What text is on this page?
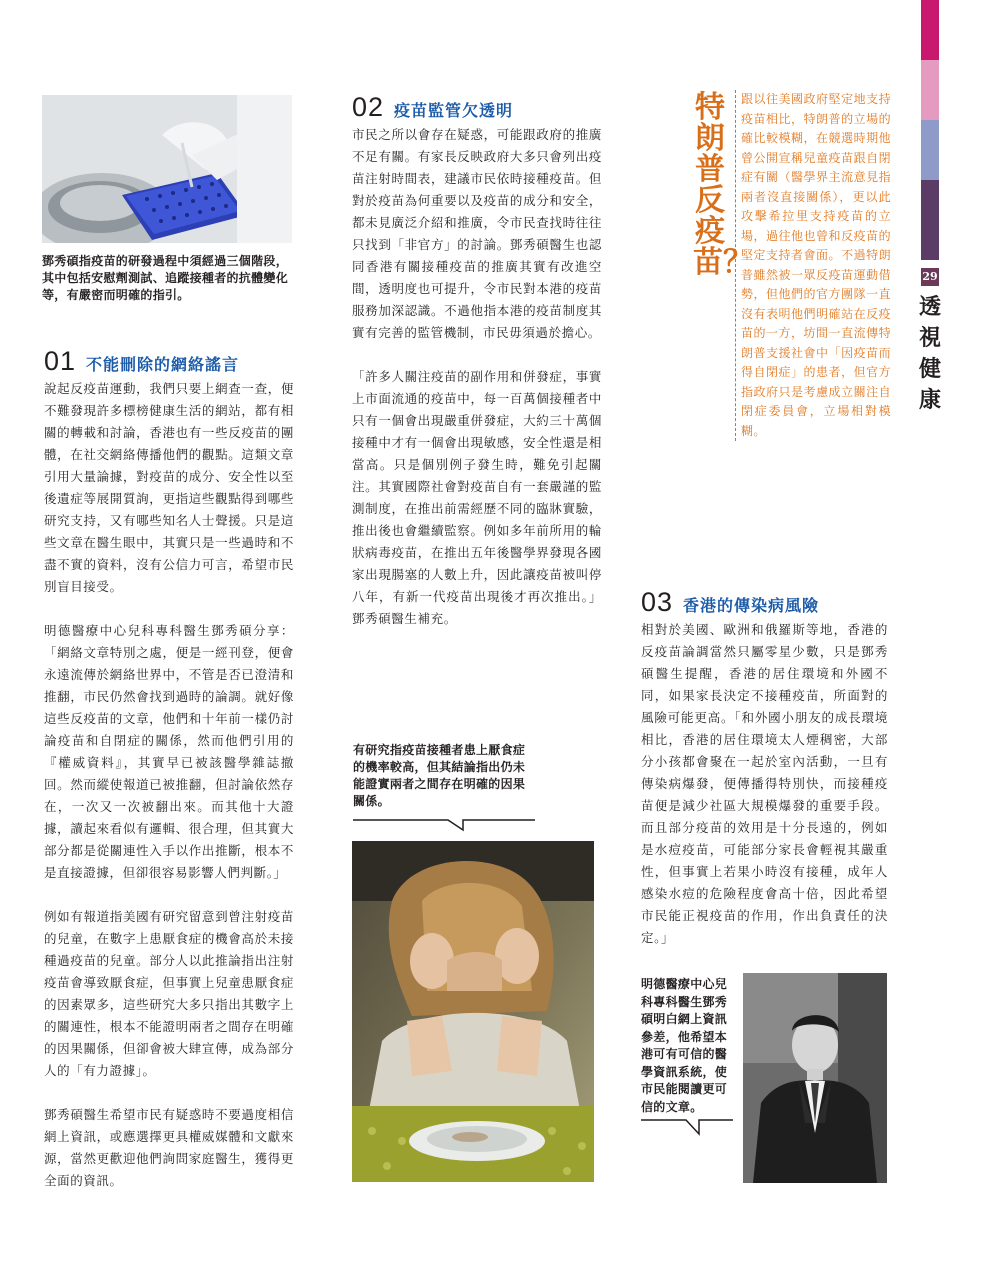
29
透視健康
鄧秀碩指疫苗的研發過程中須經過三個階段，其中包括安慰劑測試、追蹤接種者的抗體變化等，有嚴密而明確的指引。
01 不能刪除的網絡謠言

說起反疫苗運動，我們只要上網查一查，便不難發現許多標榜健康生活的網站，都有相關的轉載和討論，香港也有一些反疫苗的團體，在社交網絡傳播他們的觀點。這類文章引用大量論據，對疫苗的成分、安全性以至後遺症等展開質詢，更指這些觀點得到哪些研究支持，又有哪些知名人士聲援。只是這些文章在醫生眼中，其實只是一些過時和不盡不實的資料，沒有公信力可言，希望市民別盲目接受。

明德醫療中心兒科專科醫生鄧秀碩分享：「網絡文章特別之處，便是一經刊登，便會永遠流傳於網絡世界中，不管是否已澄清和推翻，市民仍然會找到過時的論調。就好像這些反疫苗的文章，他們和十年前一樣仍討論疫苗和自閉症的關係，然而他們引用的『權威資料』，其實早已被該醫學雜誌撤回。然而縱使報道已被推翻，但討論依然存在，一次又一次被翻出來。而其他十大證據，讀起來看似有邏輯、很合理，但其實大部分都是從關連性入手以作出推斷，根本不是直接證據，但卻很容易影響人們判斷。」

例如有報道指美國有研究留意到曾注射疫苗的兒童，在數字上患厭食症的機會高於未接種過疫苗的兒童。部分人以此推論指出注射疫苗會導致厭食症，但事實上兒童患厭食症的因素眾多，這些研究大多只指出其數字上的關連性，根本不能證明兩者之間存在明確的因果關係，但卻會被大肆宣傳，成為部分人的「有力證據」。

鄧秀碩醫生希望市民有疑惑時不要過度相信網上資訊，或應選擇更具權威媒體和文獻來源，當然更歡迎他們詢問家庭醫生，獲得更全面的資訊。

02 疫苗監管欠透明

市民之所以會存在疑惑，可能跟政府的推廣不足有關。有家長反映政府大多只會列出疫苗注射時間表，建議市民依時接種疫苗。但對於疫苗為何重要以及疫苗的成分和安全，都未見廣泛介紹和推廣，令市民查找時往往只找到「非官方」的討論。鄧秀碩醫生也認同香港有關接種疫苗的推廣其實有改進空間，透明度也可提升，令市民對本港的疫苗服務加深認識。不過他指本港的疫苗制度其實有完善的監管機制，市民毋須過於擔心。

「許多人關注疫苗的副作用和併發症，事實上市面流通的疫苗中，每一百萬個接種者中只有一個會出現嚴重併發症，大約三十萬個接種中才有一個會出現敏感，安全性還是相當高。只是個別例子發生時，難免引起關注。其實國際社會對疫苗自有一套嚴謹的監測制度，在推出前需經歷不同的臨牀實驗，推出後也會繼續監察。例如多年前所用的輪狀病毒疫苗，在推出五年後醫學界發現各國家出現腸塞的人數上升，因此讓疫苗被叫停八年，有新一代疫苗出現後才再次推出。」鄧秀碩醫生補充。

有研究指疫苗接種者患上厭食症的機率較高，但其結論指出仍未能證實兩者之間存在明確的因果關係。
特朗普反疫苗？
跟以往美國政府堅定地支持疫苗相比，特朗普的立場的確比較模糊，在競選時期他曾公開宣稱兒童疫苗跟自閉症有關（醫學界主流意見指兩者沒直接關係），更以此攻擊希拉里支持疫苗的立場，過往他也曾和反疫苗的堅定支持者會面。不過特朗普雖然被一眾反疫苗運動借勢，但他們的官方團隊一直沒有表明他們明確站在反疫苗的一方，坊間一直流傳特朗普支援社會中「因疫苗而得自閉症」的患者，但官方指政府只是考慮成立關注自閉症委員會，立場相對模糊。
03 香港的傳染病風險

相對於美國、歐洲和俄羅斯等地，香港的反疫苗論調當然只屬零星少數，只是鄧秀碩醫生提醒，香港的居住環境和外國不同，如果家長決定不接種疫苗，所面對的風險可能更高。「和外國小朋友的成長環境相比，香港的居住環境太人煙稠密，大部分小孩都會聚在一起於室內活動，一旦有傳染病爆發，便傳播得特別快，而接種疫苗便是減少社區大規模爆發的重要手段。而且部分疫苗的效用是十分長遠的，例如是水痘疫苗，可能部分家長會輕視其嚴重性，但事實上若果小時沒有接種，成年人感染水痘的危險程度會高十倍，因此希望市民能正視疫苗的作用，作出負責任的決定。」

明德醫療中心兒科專科醫生鄧秀碩明白網上資訊參差，他希望本港可有可信的醫學資訊系統，使市民能閱讀更可信的文章。
